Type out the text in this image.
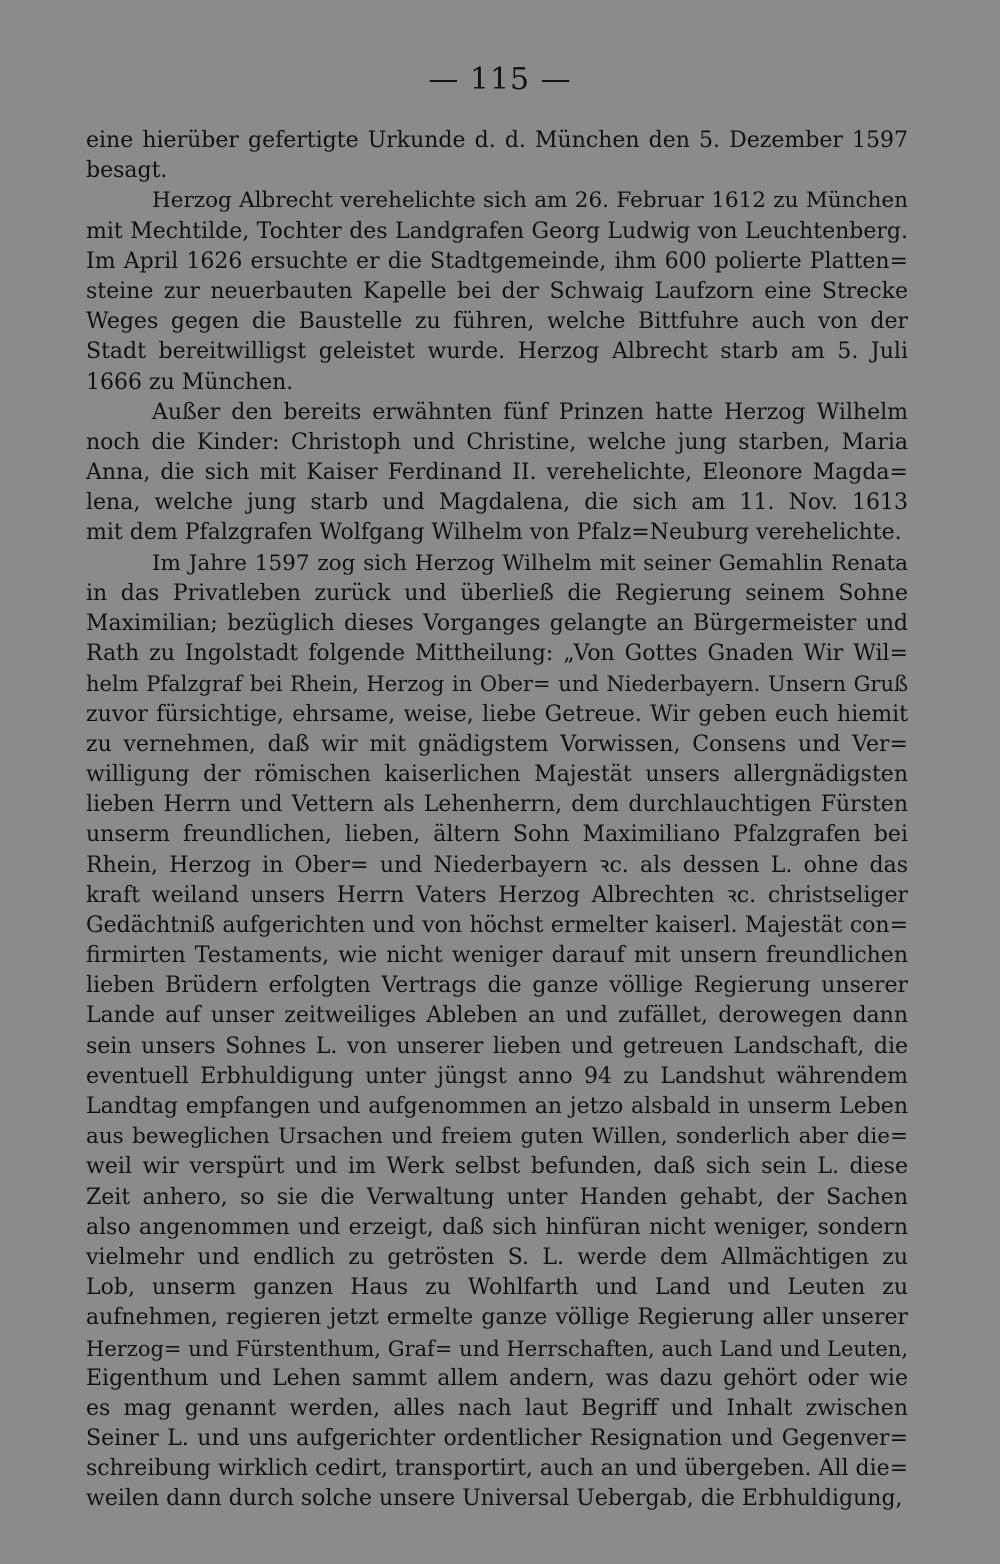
— 115 —
eine hierüber gefertigte Urkunde d. d. München den 5. Dezember 1597
besagt.
Herzog Albrecht verehelichte sich am 26. Februar 1612 zu München
mit Mechtilde, Tochter des Landgrafen Georg Ludwig von Leuchtenberg.
Im April 1626 ersuchte er die Stadtgemeinde, ihm 600 polierte Platten=
steine zur neuerbauten Kapelle bei der Schwaig Laufzorn eine Strecke
Weges gegen die Baustelle zu führen, welche Bittfuhre auch von der
Stadt bereitwilligst geleistet wurde. Herzog Albrecht starb am 5. Juli
1666 zu München.
Außer den bereits erwähnten fünf Prinzen hatte Herzog Wilhelm
noch die Kinder: Christoph und Christine, welche jung starben, Maria
Anna, die sich mit Kaiser Ferdinand II. verehelichte, Eleonore Magda=
lena, welche jung starb und Magdalena, die sich am 11. Nov. 1613
mit dem Pfalzgrafen Wolfgang Wilhelm von Pfalz=Neuburg verehelichte.
Im Jahre 1597 zog sich Herzog Wilhelm mit seiner Gemahlin Renata
in das Privatleben zurück und überließ die Regierung seinem Sohne
Maximilian; bezüglich dieses Vorganges gelangte an Bürgermeister und
Rath zu Ingolstadt folgende Mittheilung: „Von Gottes Gnaden Wir Wil=
helm Pfalzgraf bei Rhein, Herzog in Ober= und Niederbayern. Unsern Gruß
zuvor fürsichtige, ehrsame, weise, liebe Getreue. Wir geben euch hiemit
zu vernehmen, daß wir mit gnädigstem Vorwissen, Consens und Ver=
willigung der römischen kaiserlichen Majestät unsers allergnädigsten
lieben Herrn und Vettern als Lehenherrn, dem durchlauchtigen Fürsten
unserm freundlichen, lieben, ältern Sohn Maximiliano Pfalzgrafen bei
Rhein, Herzog in Ober= und Niederbayern ꝛc. als dessen L. ohne das
kraft weiland unsers Herrn Vaters Herzog Albrechten ꝛc. christseliger
Gedächtniß aufgerichten und von höchst ermelter kaiserl. Majestät con=
firmirten Testaments, wie nicht weniger darauf mit unsern freundlichen
lieben Brüdern erfolgten Vertrags die ganze völlige Regierung unserer
Lande auf unser zeitweiliges Ableben an und zufället, derowegen dann
sein unsers Sohnes L. von unserer lieben und getreuen Landschaft, die
eventuell Erbhuldigung unter jüngst anno 94 zu Landshut währendem
Landtag empfangen und aufgenommen an jetzo alsbald in unserm Leben
aus beweglichen Ursachen und freiem guten Willen, sonderlich aber die=
weil wir verspürt und im Werk selbst befunden, daß sich sein L. diese
Zeit anhero, so sie die Verwaltung unter Handen gehabt, der Sachen
also angenommen und erzeigt, daß sich hinfüran nicht weniger, sondern
vielmehr und endlich zu getrösten S. L. werde dem Allmächtigen zu
Lob, unserm ganzen Haus zu Wohlfarth und Land und Leuten zu
aufnehmen, regieren jetzt ermelte ganze völlige Regierung aller unserer
Herzog= und Fürstenthum, Graf= und Herrschaften, auch Land und Leuten,
Eigenthum und Lehen sammt allem andern, was dazu gehört oder wie
es mag genannt werden, alles nach laut Begriff und Inhalt zwischen
Seiner L. und uns aufgerichter ordentlicher Resignation und Gegenver=
schreibung wirklich cedirt, transportirt, auch an und übergeben. All die=
weilen dann durch solche unsere Universal Uebergab, die Erbhuldigung,
